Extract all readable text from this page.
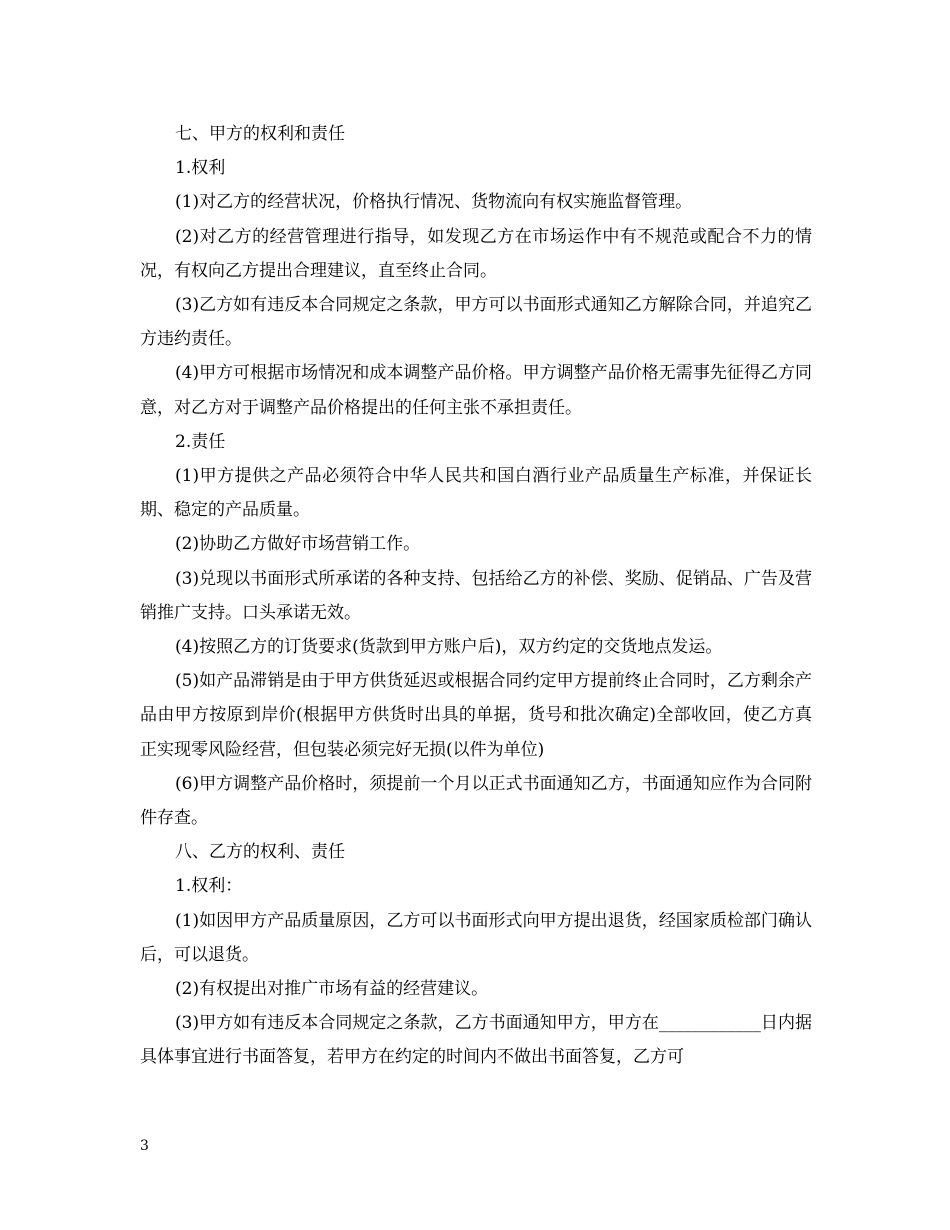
七、甲方的权利和责任

1.权利

(1)对乙方的经营状况，价格执行情况、货物流向有权实施监督管理。

(2)对乙方的经营管理进行指导，如发现乙方在市场运作中有不规范或配合不力的情况，有权向乙方提出合理建议，直至终止合同。

(3)乙方如有违反本合同规定之条款，甲方可以书面形式通知乙方解除合同，并追究乙方违约责任。

(4)甲方可根据市场情况和成本调整产品价格。甲方调整产品价格无需事先征得乙方同意，对乙方对于调整产品价格提出的任何主张不承担责任。

2.责任

(1)甲方提供之产品必须符合中华人民共和国白酒行业产品质量生产标准，并保证长期、稳定的产品质量。

(2)协助乙方做好市场营销工作。

(3)兑现以书面形式所承诺的各种支持、包括给乙方的补偿、奖励、促销品、广告及营销推广支持。口头承诺无效。

(4)按照乙方的订货要求(货款到甲方账户后)，双方约定的交货地点发运。

(5)如产品滞销是由于甲方供货延迟或根据合同约定甲方提前终止合同时，乙方剩余产品由甲方按原到岸价(根据甲方供货时出具的单据，货号和批次确定)全部收回，使乙方真正实现零风险经营，但包装必须完好无损(以件为单位)

(6)甲方调整产品价格时，须提前一个月以正式书面通知乙方，书面通知应作为合同附件存查。

八、乙方的权利、责任

1.权利：

(1)如因甲方产品质量原因，乙方可以书面形式向甲方提出退货，经国家质检部门确认后，可以退货。

(2)有权提出对推广市场有益的经营建议。

(3)甲方如有违反本合同规定之条款，乙方书面通知甲方，甲方在____________日内据具体事宜进行书面答复，若甲方在约定的时间内不做出书面答复，乙方可

3
